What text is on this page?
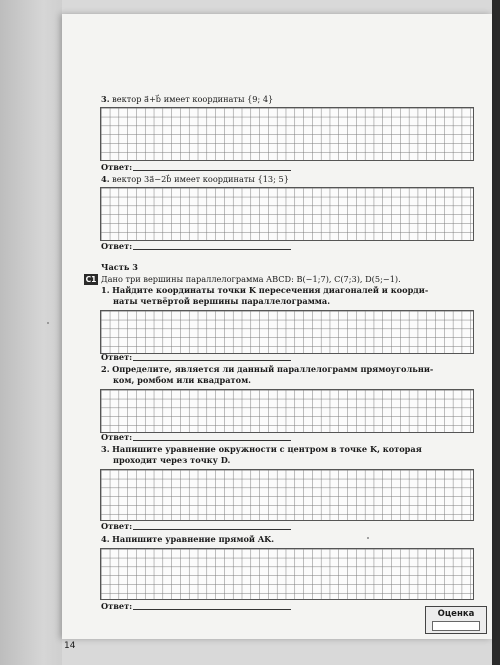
3. вектор a⃗+b⃗ имеет координаты {9; 4}
Ответ:
4. вектор 3a⃗−2b⃗ имеет координаты {13; 5}
Ответ:
Часть 3
С1 Дано три вершины параллелограмма ABCD: B(−1;7), C(7;3), D(5;−1).
1. Найдите координаты точки K пересечения диагоналей и коорди-
наты четвёртой вершины параллелограмма.
Ответ:
2. Определите, является ли данный параллелограмм прямоугольни-
ком, ромбом или квадратом.
Ответ:
3. Напишите уравнение окружности с центром в точке K, которая
проходит через точку D.
Ответ:
4. Напишите уравнение прямой AK.
Ответ:
Оценка
14
